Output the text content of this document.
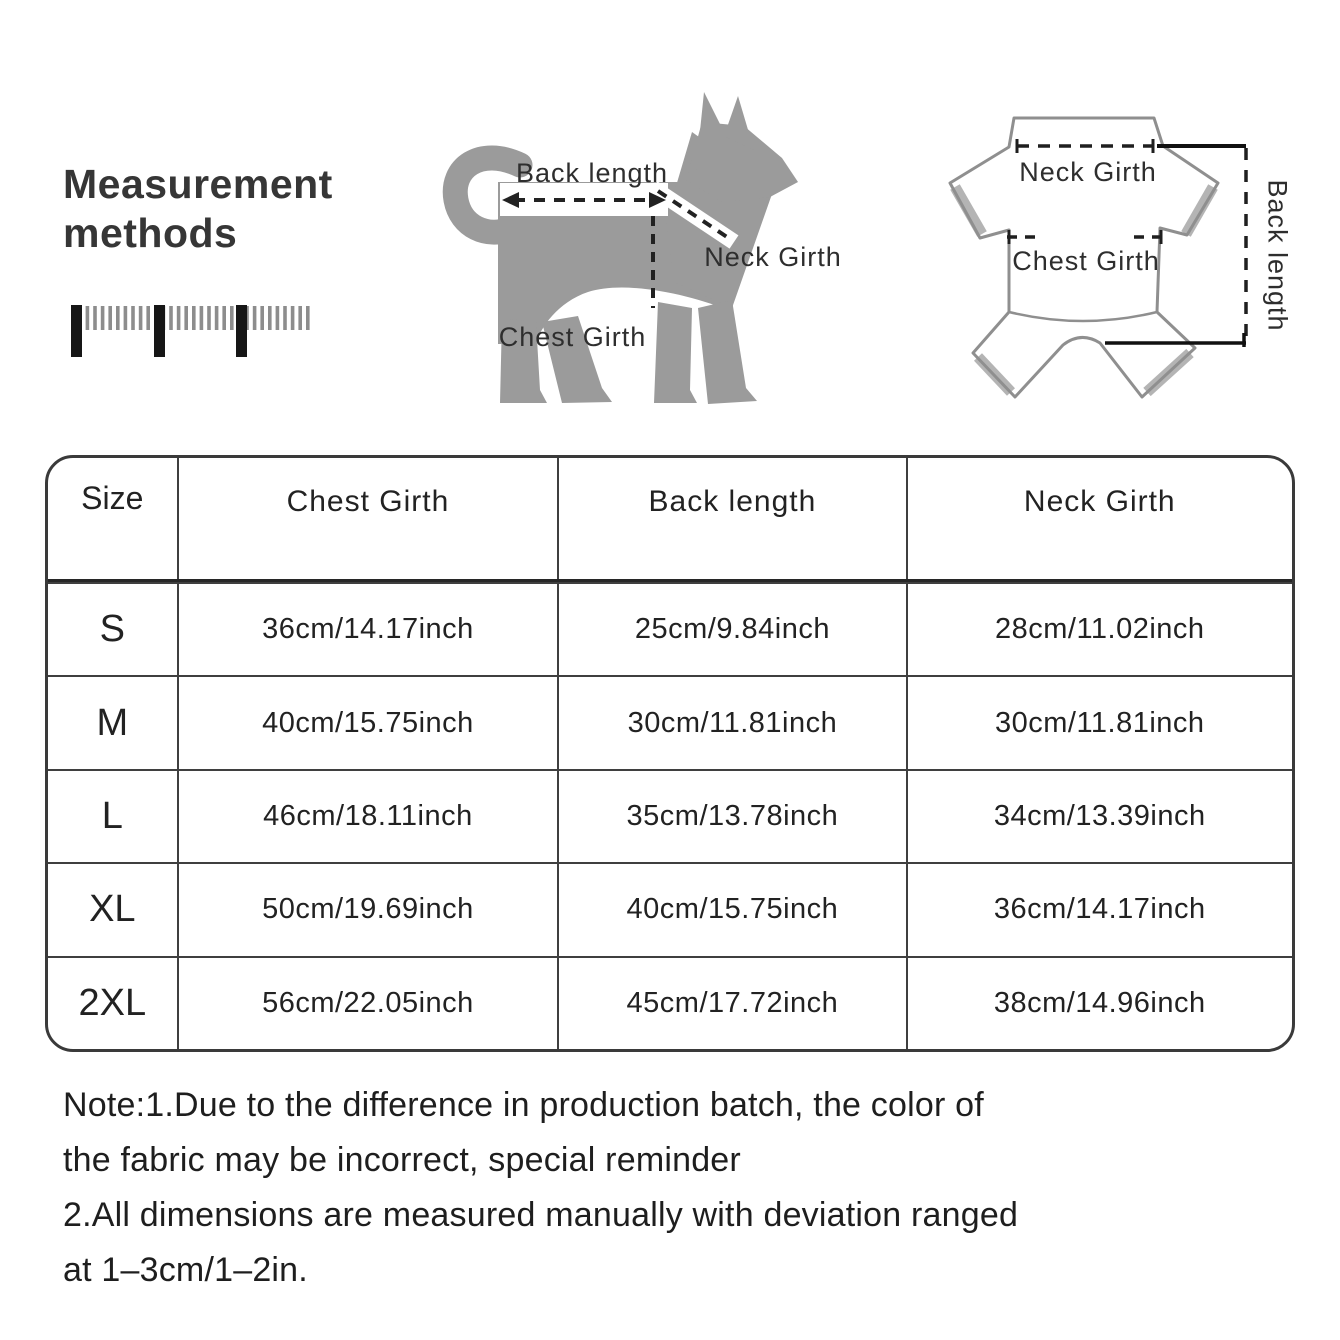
Measurement
methods
Back length
Neck Girth
Chest Girth
Neck Girth
Chest Girth	Back length
Size	Chest Girth	Back length	Neck Girth
S	36cm/14.17inch	25cm/9.84inch	28cm/11.02inch
M	40cm/15.75inch	30cm/11.81inch	30cm/11.81inch
L	46cm/18.11inch	35cm/13.78inch	34cm/13.39inch
XL	50cm/19.69inch	40cm/15.75inch	36cm/14.17inch
2XL	56cm/22.05inch	45cm/17.72inch	38cm/14.96inch
Note:1.Due to the difference in production batch, the color of
the fabric may be incorrect, special reminder
2.All dimensions are measured manually with deviation ranged
at 1–3cm/1–2in.
